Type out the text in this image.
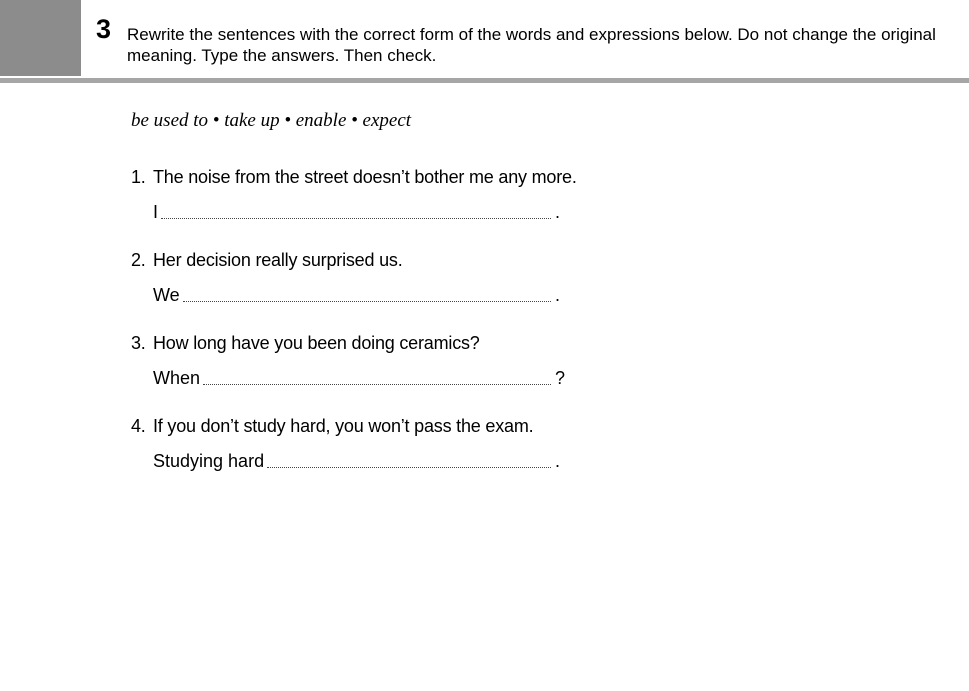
3 Rewrite the sentences with the correct form of the words and expressions below. Do not change the original meaning. Type the answers. Then check.
be used to • take up • enable • expect
1. The noise from the street doesn’t bother me any more.
I	.
2. Her decision really surprised us.
We	.
3. How long have you been doing ceramics?
When	?
4. If you don’t study hard, you won’t pass the exam.
Studying hard	.
